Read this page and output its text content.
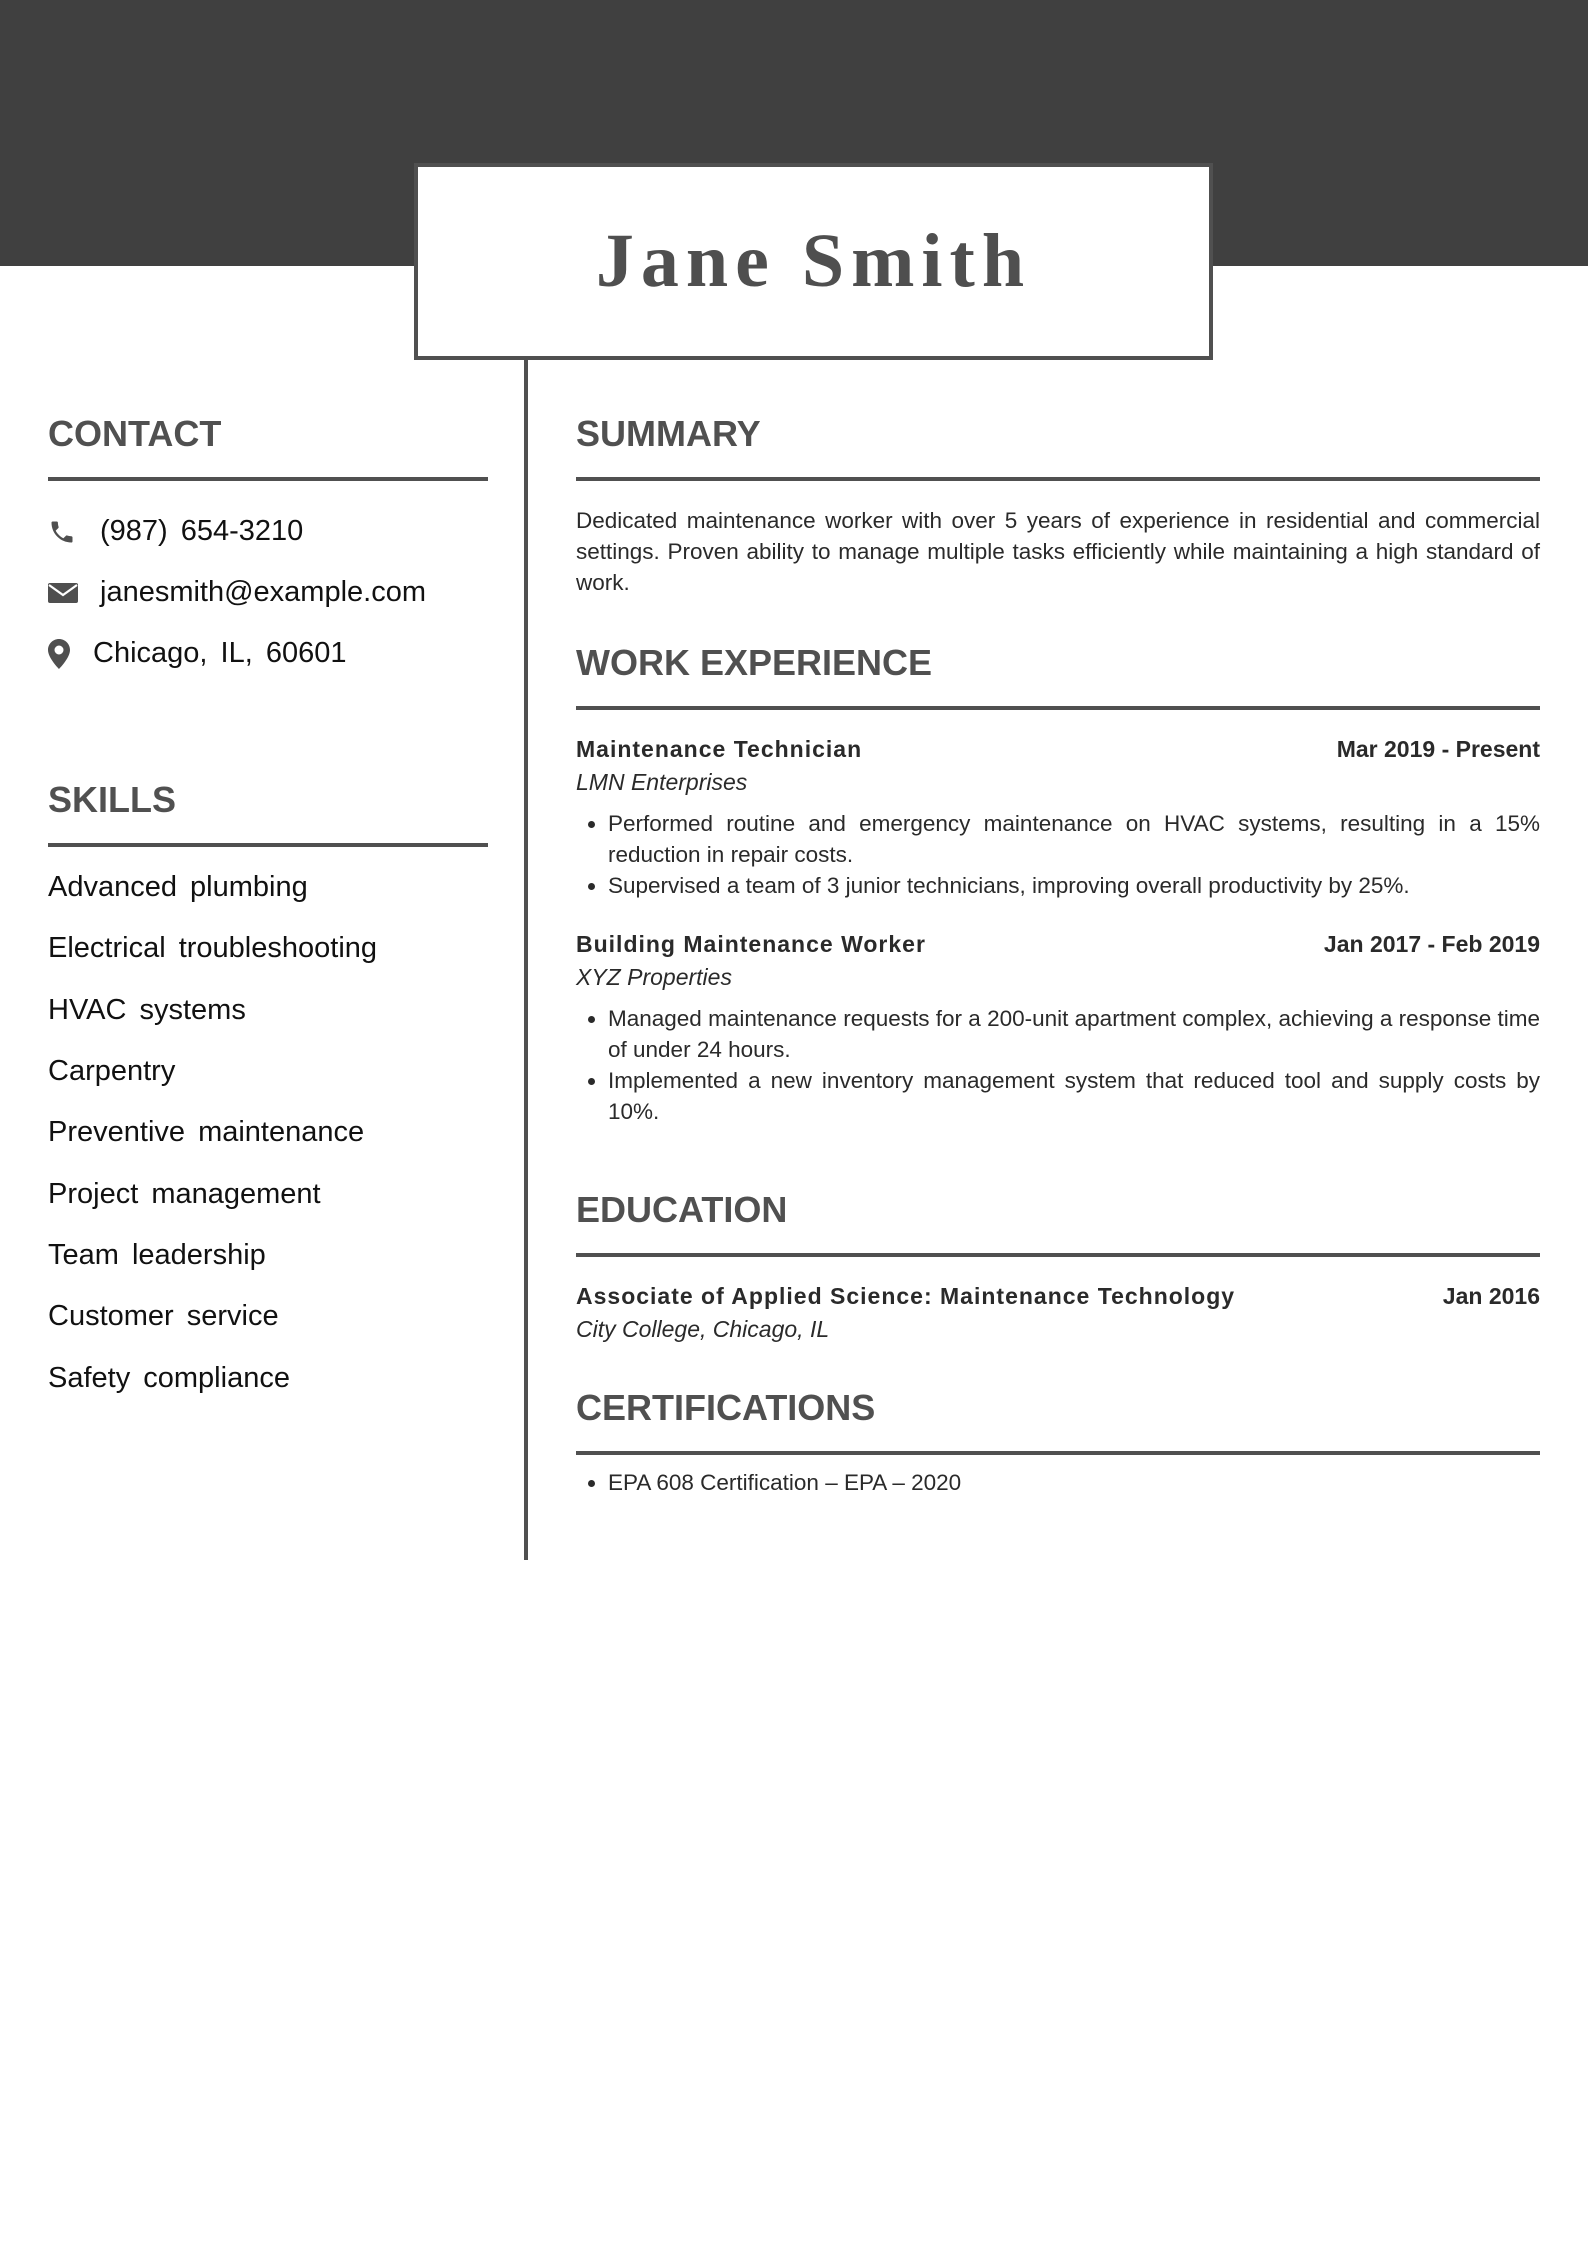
Jane Smith
CONTACT
(987) 654-3210
janesmith@example.com
Chicago, IL, 60601
SKILLS
Advanced plumbing
Electrical troubleshooting
HVAC systems
Carpentry
Preventive maintenance
Project management
Team leadership
Customer service
Safety compliance
SUMMARY

Dedicated maintenance worker with over 5 years of experience in residential and commercial settings. Proven ability to manage multiple tasks efficiently while maintaining a high standard of work.

WORK EXPERIENCE
Maintenance Technician	Mar 2019 - Present
LMN Enterprises
• Performed routine and emergency maintenance on HVAC systems, resulting in a 15% reduction in repair costs.
• Supervised a team of 3 junior technicians, improving overall productivity by 25%.
Building Maintenance Worker	Jan 2017 - Feb 2019
XYZ Properties
• Managed maintenance requests for a 200-unit apartment complex, achieving a response time of under 24 hours.
• Implemented a new inventory management system that reduced tool and supply costs by 10%.
EDUCATION
Associate of Applied Science: Maintenance Technology	Jan 2016
City College, Chicago, IL
CERTIFICATIONS
• EPA 608 Certification – EPA – 2020
